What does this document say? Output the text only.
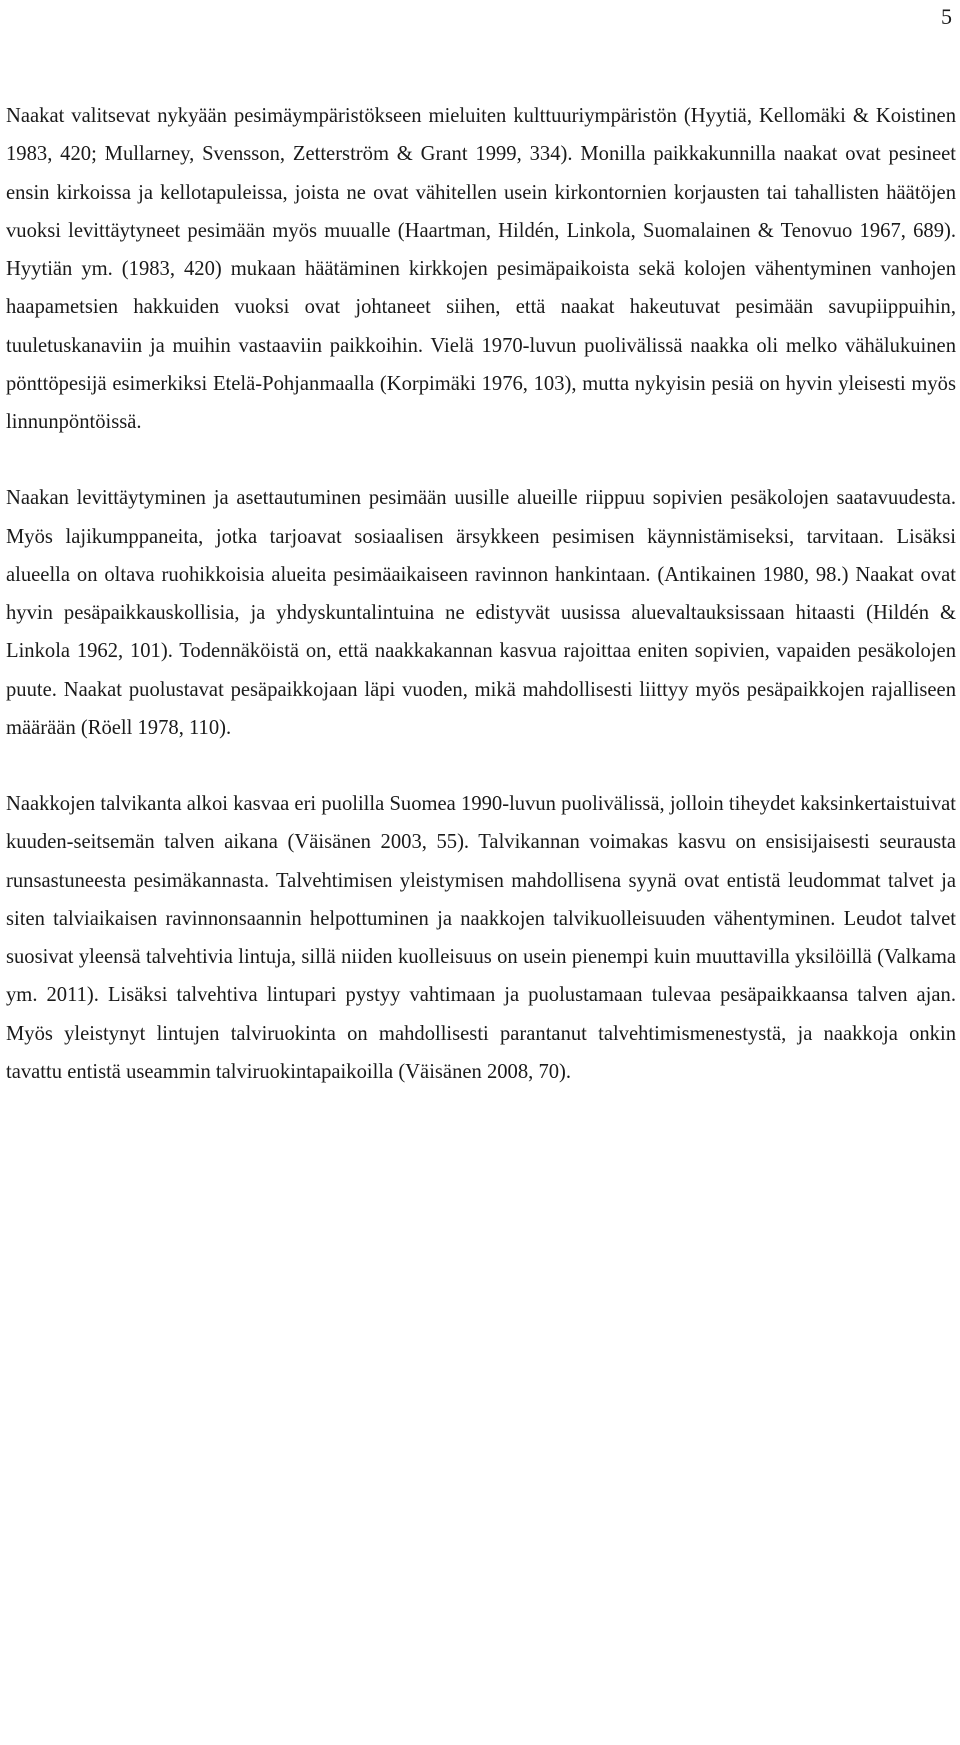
5

Naakat valitsevat nykyään pesimäympäristökseen mieluiten kulttuuriympäristön (Hyytiä, Kellomäki & Koistinen 1983, 420; Mullarney, Svensson, Zetterström & Grant 1999, 334). Monilla paikkakunnilla naakat ovat pesineet ensin kirkoissa ja kellotapuleissa, joista ne ovat vähitellen usein kirkontornien korjausten tai tahallisten häätöjen vuoksi levittäytyneet pesimään myös muualle (Haartman, Hildén, Linkola, Suomalainen & Tenovuo 1967, 689). Hyytiän ym. (1983, 420) mukaan häätäminen kirkkojen pesimäpaikoista sekä kolojen vähentyminen vanhojen haapametsien hakkuiden vuoksi ovat johtaneet siihen, että naakat hakeutuvat pesimään savupiippuihin, tuuletuskanaviin ja muihin vastaaviin paikkoihin. Vielä 1970-luvun puolivälissä naakka oli melko vähälukuinen pönttöpesijä esimerkiksi Etelä-Pohjanmaalla (Korpimäki 1976, 103), mutta nykyisin pesiä on hyvin yleisesti myös linnunpöntöissä.

Naakan levittäytyminen ja asettautuminen pesimään uusille alueille riippuu sopivien pesäkolojen saatavuudesta. Myös lajikumppaneita, jotka tarjoavat sosiaalisen ärsykkeen pesimisen käynnistämiseksi, tarvitaan. Lisäksi alueella on oltava ruohikkoisia alueita pesimäaikaiseen ravinnon hankintaan. (Antikainen 1980, 98.) Naakat ovat hyvin pesäpaikkauskollisia, ja yhdyskuntalintuina ne edistyvät uusissa aluevaltauksissaan hitaasti (Hildén & Linkola 1962, 101). Todennäköistä on, että naakkakannan kasvua rajoittaa eniten sopivien, vapaiden pesäkolojen puute. Naakat puolustavat pesäpaikkojaan läpi vuoden, mikä mahdollisesti liittyy myös pesäpaikkojen rajalliseen määrään (Röell 1978, 110).

Naakkojen talvikanta alkoi kasvaa eri puolilla Suomea 1990-luvun puolivälissä, jolloin tiheydet kaksinkertaistuivat kuuden-seitsemän talven aikana (Väisänen 2003, 55). Talvikannan voimakas kasvu on ensisijaisesti seurausta runsastuneesta pesimäkannasta. Talvehtimisen yleistymisen mahdollisena syynä ovat entistä leudommat talvet ja siten talviaikaisen ravinnonsaannin helpottuminen ja naakkojen talvikuolleisuuden vähentyminen. Leudot talvet suosivat yleensä talvehtivia lintuja, sillä niiden kuolleisuus on usein pienempi kuin muuttavilla yksilöillä (Valkama ym. 2011). Lisäksi talvehtiva lintupari pystyy vahtimaan ja puolustamaan tulevaa pesäpaikkaansa talven ajan. Myös yleistynyt lintujen talviruokinta on mahdollisesti parantanut talvehtimismenestystä, ja naakkoja onkin tavattu entistä useammin talviruokintapaikoilla (Väisänen 2008, 70).
